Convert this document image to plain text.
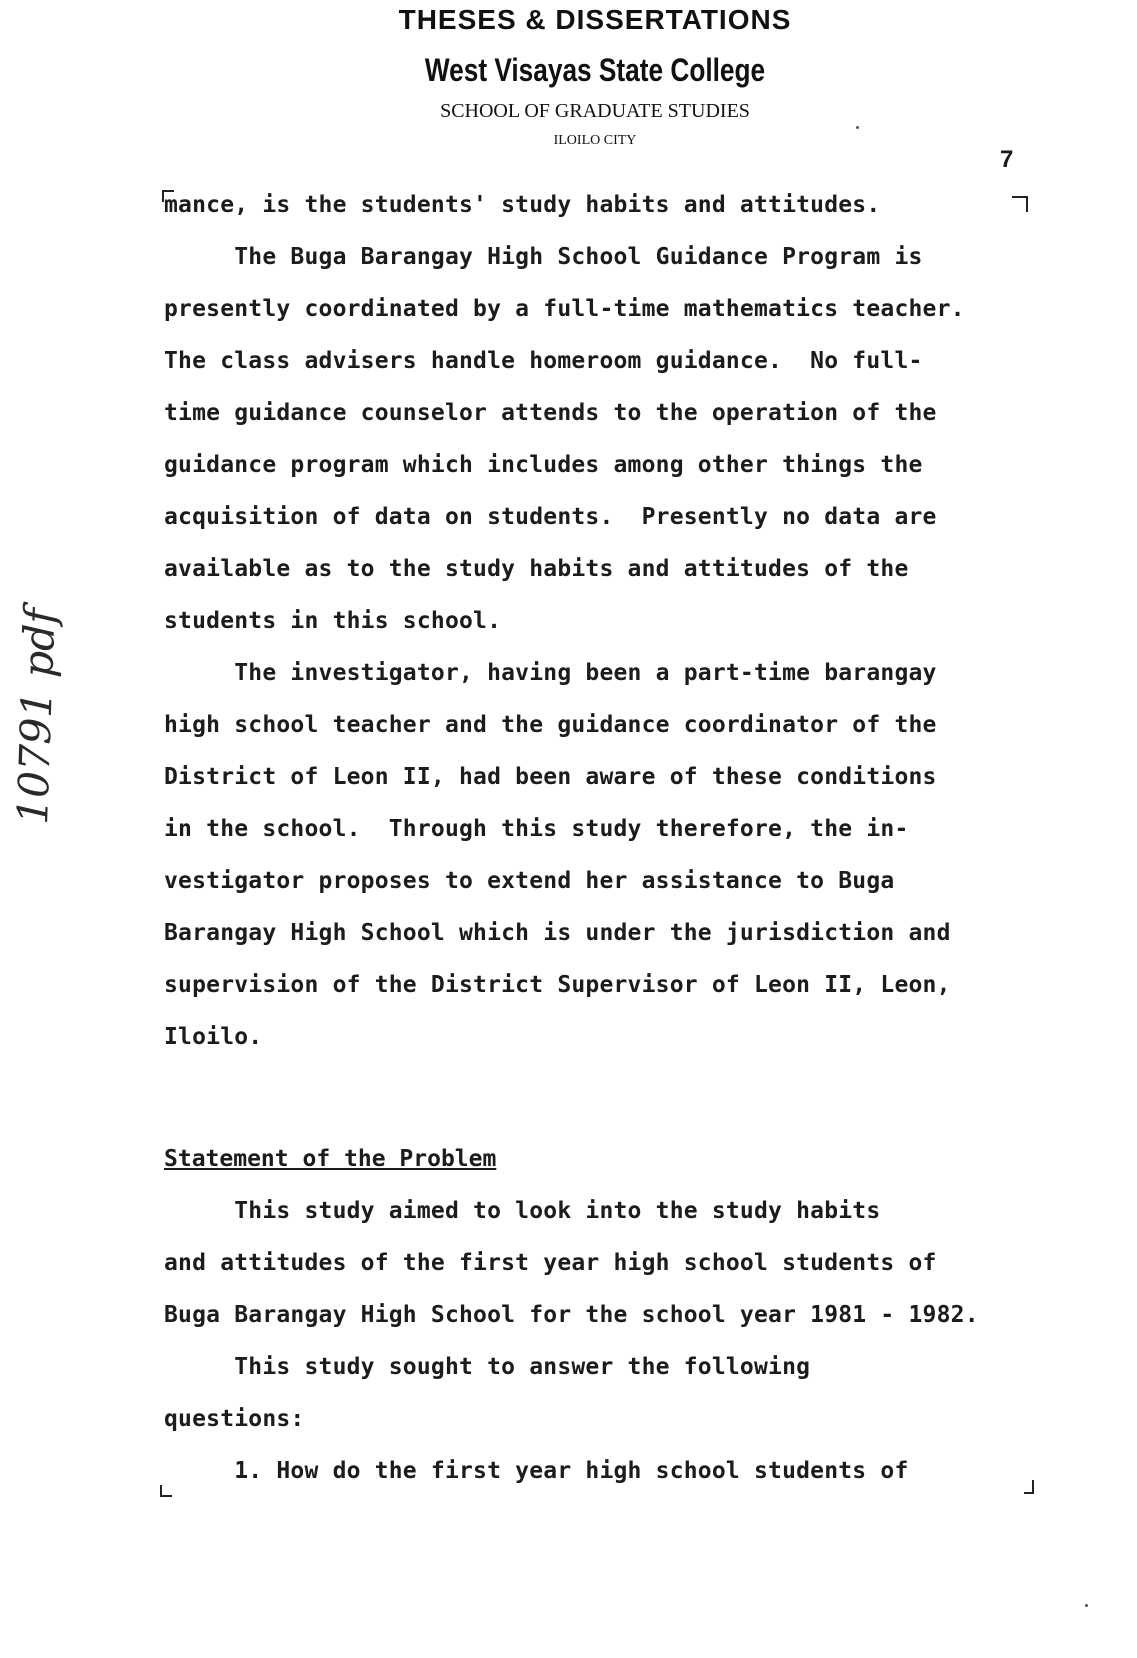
THESES & DISSERTATIONS
West Visayas State College
SCHOOL OF GRADUATE STUDIES
ILOILO CITY
7
10791 pdf
mance, is the students' study habits and attitudes.
The Buga Barangay High School Guidance Program is
presently coordinated by a full-time mathematics teacher.
The class advisers handle homeroom guidance.  No full-
time guidance counselor attends to the operation of the
guidance program which includes among other things the
acquisition of data on students.  Presently no data are
available as to the study habits and attitudes of the
students in this school.
The investigator, having been a part-time barangay
high school teacher and the guidance coordinator of the
District of Leon II, had been aware of these conditions
in the school.  Through this study therefore, the in-
vestigator proposes to extend her assistance to Buga
Barangay High School which is under the jurisdiction and
supervision of the District Supervisor of Leon II, Leon,
Iloilo.
Statement of the Problem
This study aimed to look into the study habits
and attitudes of the first year high school students of
Buga Barangay High School for the school year 1981 - 1982.
This study sought to answer the following
questions:
1. How do the first year high school students of
